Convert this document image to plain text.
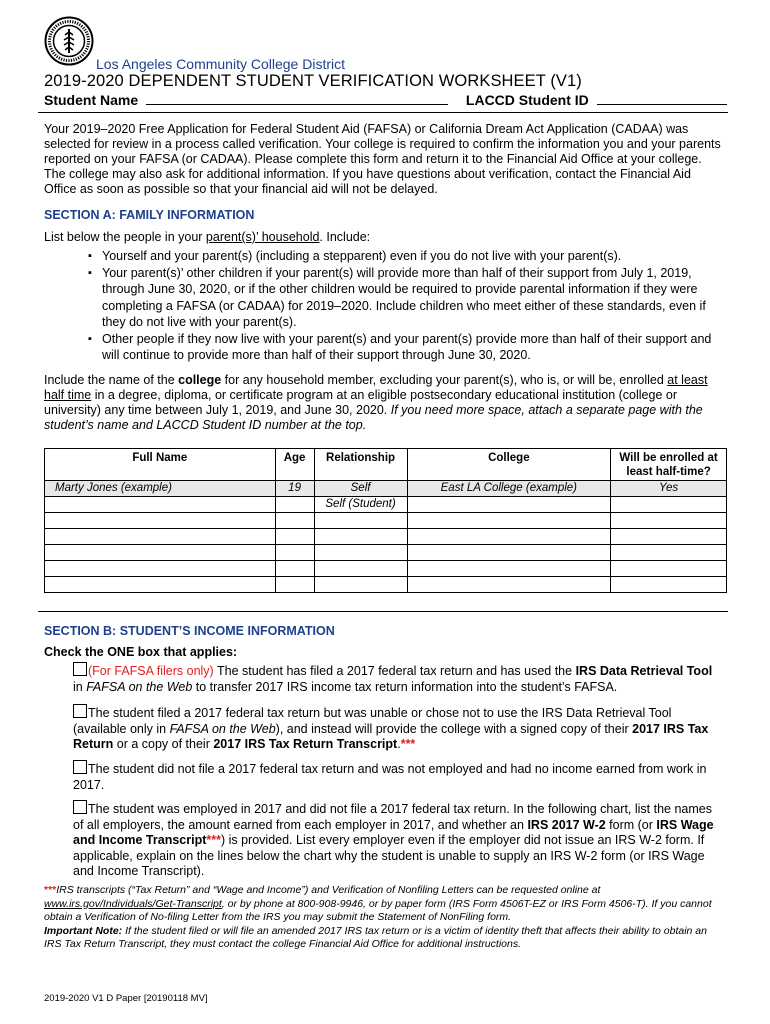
Los Angeles Community College District
2019-2020 DEPENDENT STUDENT VERIFICATION WORKSHEET (V1)
Student Name	LACCD Student ID
Your 2019–2020 Free Application for Federal Student Aid (FAFSA) or California Dream Act Application (CADAA) was selected for review in a process called verification. Your college is required to confirm the information you and your parents reported on your FAFSA (or CADAA). Please complete this form and return it to the Financial Aid Office at your college. The college may also ask for additional information. If you have questions about verification, contact the Financial Aid Office as soon as possible so that your financial aid will not be delayed.
SECTION A: FAMILY INFORMATION
List below the people in your parent(s)’ household. Include:
▪ Yourself and your parent(s) (including a stepparent) even if you do not live with your parent(s).
▪ Your parent(s)’ other children if your parent(s) will provide more than half of their support from July 1, 2019, through June 30, 2020, or if the other children would be required to provide parental information if they were completing a FAFSA (or CADAA) for 2019–2020. Include children who meet either of these standards, even if they do not live with your parent(s).
▪ Other people if they now live with your parent(s) and your parent(s) provide more than half of their support and will continue to provide more than half of their support through June 30, 2020.
Include the name of the college for any household member, excluding your parent(s), who is, or will be, enrolled at least half time in a degree, diploma, or certificate program at an eligible postsecondary educational institution (college or university) any time between July 1, 2019, and June 30, 2020. If you need more space, attach a separate page with the student’s name and LACCD Student ID number at the top.
Full Name	Age	Relationship	College	Will be enrolled at least half-time?
Marty Jones (example)	19	Self	East LA College (example)	Yes
		Self (Student)		

SECTION B: STUDENT’S INCOME INFORMATION
Check the ONE box that applies:
(For FAFSA filers only) The student has filed a 2017 federal tax return and has used the IRS Data Retrieval Tool in FAFSA on the Web to transfer 2017 IRS income tax return information into the student’s FAFSA.
The student filed a 2017 federal tax return but was unable or chose not to use the IRS Data Retrieval Tool (available only in FAFSA on the Web), and instead will provide the college with a signed copy of their 2017 IRS Tax Return or a copy of their 2017 IRS Tax Return Transcript.***
The student did not file a 2017 federal tax return and was not employed and had no income earned from work in 2017.
The student was employed in 2017 and did not file a 2017 federal tax return. In the following chart, list the names of all employers, the amount earned from each employer in 2017, and whether an IRS 2017 W-2 form (or IRS Wage and Income Transcript***) is provided. List every employer even if the employer did not issue an IRS W-2 form. If applicable, explain on the lines below the chart why the student is unable to supply an IRS W-2 form (or IRS Wage and Income Transcript).
***IRS transcripts (“Tax Return” and “Wage and Income”) and Verification of Nonfiling Letters can be requested online at www.irs.gov/Individuals/Get-Transcript, or by phone at 800-908-9946, or by paper form (IRS Form 4506T-EZ or IRS Form 4506-T). If you cannot obtain a Verification of No-filing Letter from the IRS you may submit the Statement of NonFiling form.
Important Note: If the student filed or will file an amended 2017 IRS tax return or is a victim of identity theft that affects their ability to obtain an IRS Tax Return Transcript, they must contact the college Financial Aid Office for additional instructions.
2019-2020 V1 D Paper [20190118 MV]
